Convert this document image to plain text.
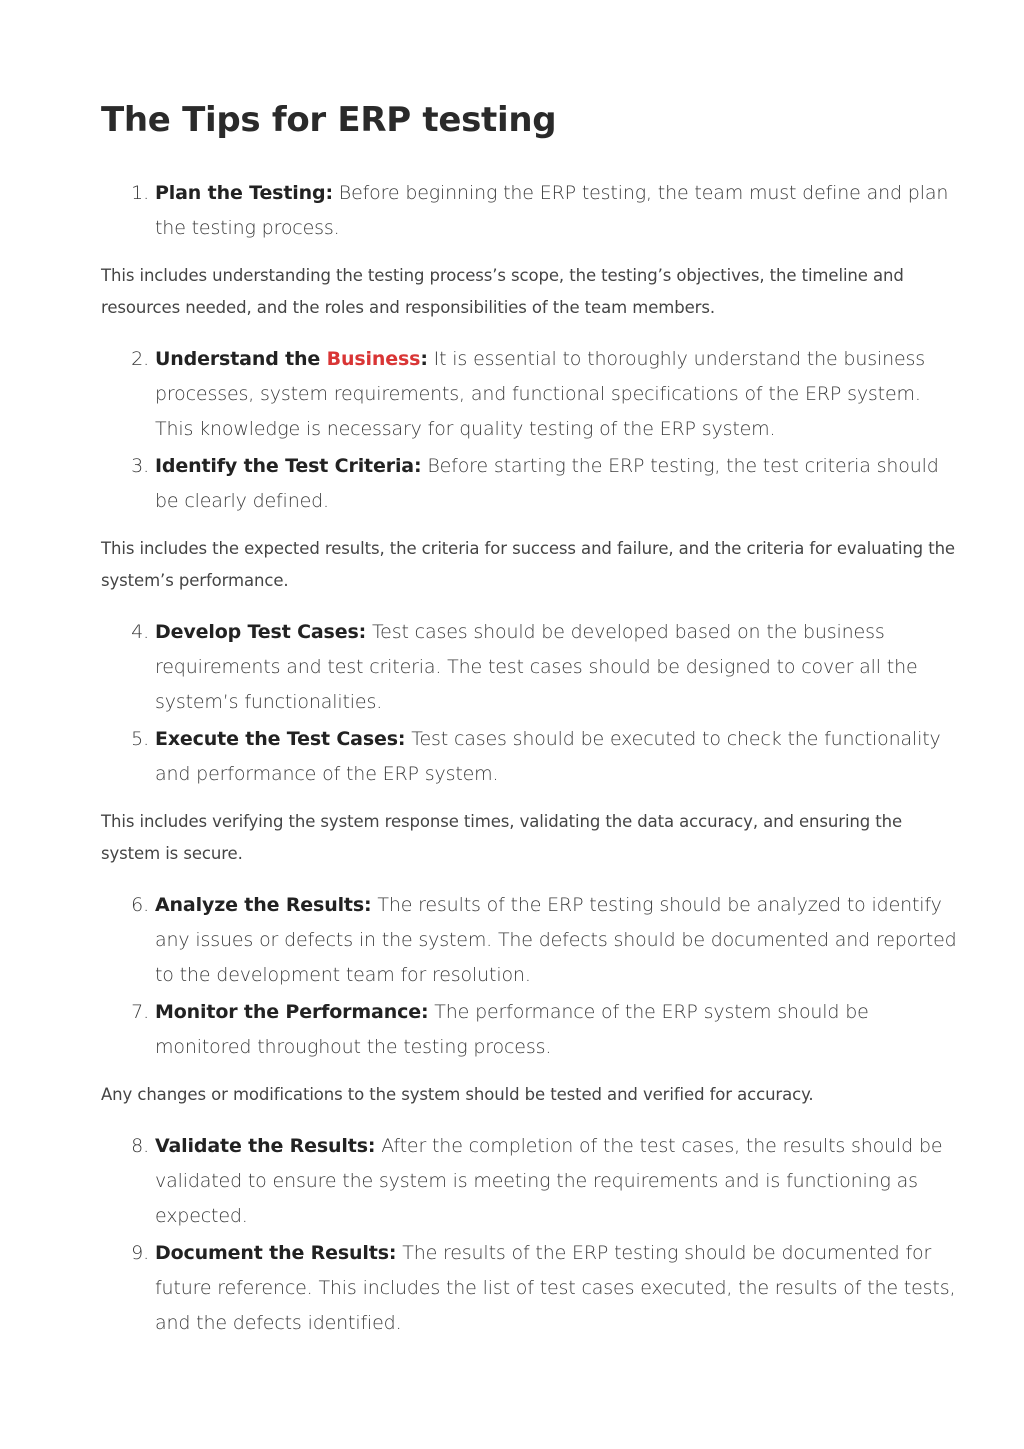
The Tips for ERP testing
1. Plan the Testing: Before beginning the ERP testing, the team must define and plan the testing process.

This includes understanding the testing process’s scope, the testing’s objectives, the timeline and resources needed, and the roles and responsibilities of the team members.

2. Understand the Business: It is essential to thoroughly understand the business processes, system requirements, and functional specifications of the ERP system. This knowledge is necessary for quality testing of the ERP system.
3. Identify the Test Criteria: Before starting the ERP testing, the test criteria should be clearly defined.

This includes the expected results, the criteria for success and failure, and the criteria for evaluating the system’s performance.

4. Develop Test Cases: Test cases should be developed based on the business requirements and test criteria. The test cases should be designed to cover all the system’s functionalities.
5. Execute the Test Cases: Test cases should be executed to check the functionality and performance of the ERP system.

This includes verifying the system response times, validating the data accuracy, and ensuring the system is secure.

6. Analyze the Results: The results of the ERP testing should be analyzed to identify any issues or defects in the system. The defects should be documented and reported to the development team for resolution.
7. Monitor the Performance: The performance of the ERP system should be monitored throughout the testing process.

Any changes or modifications to the system should be tested and verified for accuracy.

8. Validate the Results: After the completion of the test cases, the results should be validated to ensure the system is meeting the requirements and is functioning as expected.
9. Document the Results: The results of the ERP testing should be documented for future reference. This includes the list of test cases executed, the results of the tests, and the defects identified.
